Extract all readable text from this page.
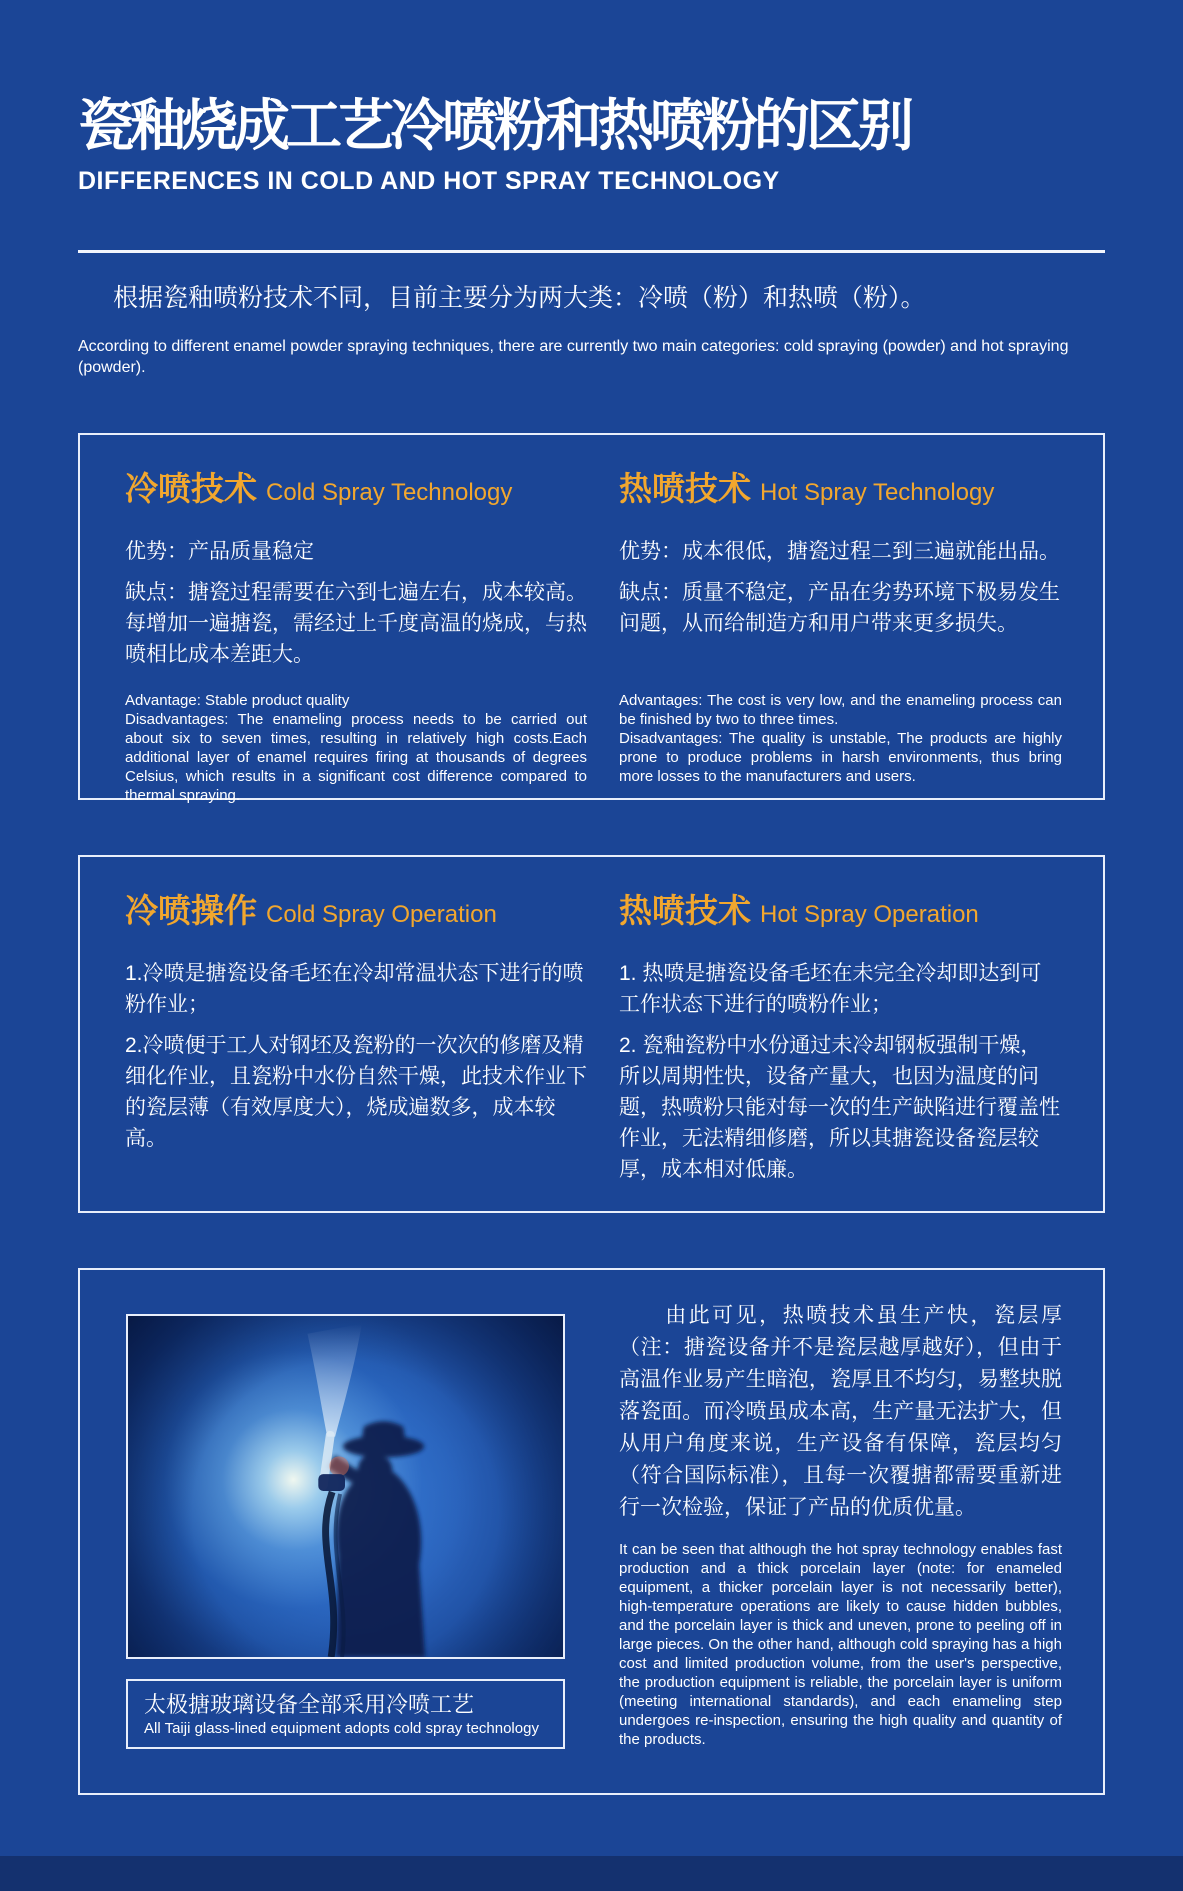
瓷釉烧成工艺冷喷粉和热喷粉的区别
DIFFERENCES IN COLD AND HOT SPRAY TECHNOLOGY

根据瓷釉喷粉技术不同，目前主要分为两大类：冷喷（粉）和热喷（粉）。

According to different enamel powder spraying techniques, there are currently two main categories: cold spraying (powder) and hot spraying (powder).

冷喷技术 Cold Spray Technology

优势：产品质量稳定

缺点：搪瓷过程需要在六到七遍左右，成本较高。每增加一遍搪瓷，需经过上千度高温的烧成，与热喷相比成本差距大。

Advantage: Stable product quality

Disadvantages: The enameling process needs to be carried out about six to seven times, resulting in relatively high costs.Each additional layer of enamel requires firing at thousands of degrees Celsius, which results in a significant cost difference compared to thermal spraying.

热喷技术 Hot Spray Technology

优势：成本很低，搪瓷过程二到三遍就能出品。

缺点：质量不稳定，产品在劣势环境下极易发生问题，从而给制造方和用户带来更多损失。

Advantages: The cost is very low, and the enameling process can be finished by two to three times.

Disadvantages: The quality is unstable, The products are highly prone to produce problems in harsh environments, thus bring more losses to the manufacturers and users.

冷喷操作 Cold Spray Operation

1.冷喷是搪瓷设备毛坯在冷却常温状态下进行的喷粉作业；

2.冷喷便于工人对钢坯及瓷粉的一次次的修磨及精细化作业，且瓷粉中水份自然干燥，此技术作业下的瓷层薄（有效厚度大），烧成遍数多，成本较高。

热喷技术 Hot Spray Operation

1. 热喷是搪瓷设备毛坯在未完全冷却即达到可工作状态下进行的喷粉作业；

2. 瓷釉瓷粉中水份通过未冷却钢板强制干燥，所以周期性快，设备产量大，也因为温度的问题，热喷粉只能对每一次的生产缺陷进行覆盖性作业，无法精细修磨，所以其搪瓷设备瓷层较厚，成本相对低廉。

太极搪玻璃设备全部采用冷喷工艺

All Taiji glass-lined equipment adopts cold spray technology

由此可见，热喷技术虽生产快，瓷层厚（注：搪瓷设备并不是瓷层越厚越好），但由于高温作业易产生暗泡，瓷厚且不均匀，易整块脱落瓷面。而冷喷虽成本高，生产量无法扩大，但从用户角度来说，生产设备有保障，瓷层均匀（符合国际标准），且每一次覆搪都需要重新进行一次检验，保证了产品的优质优量。

It can be seen that although the hot spray technology enables fast production and a thick porcelain layer (note: for enameled equipment, a thicker porcelain layer is not necessarily better), high-temperature operations are likely to cause hidden bubbles, and the porcelain layer is thick and uneven, prone to peeling off in large pieces. On the other hand, although cold spraying has a high cost and limited production volume, from the user's perspective, the production equipment is reliable, the porcelain layer is uniform (meeting international standards), and each enameling step undergoes re-inspection, ensuring the high quality and quantity of the products.
